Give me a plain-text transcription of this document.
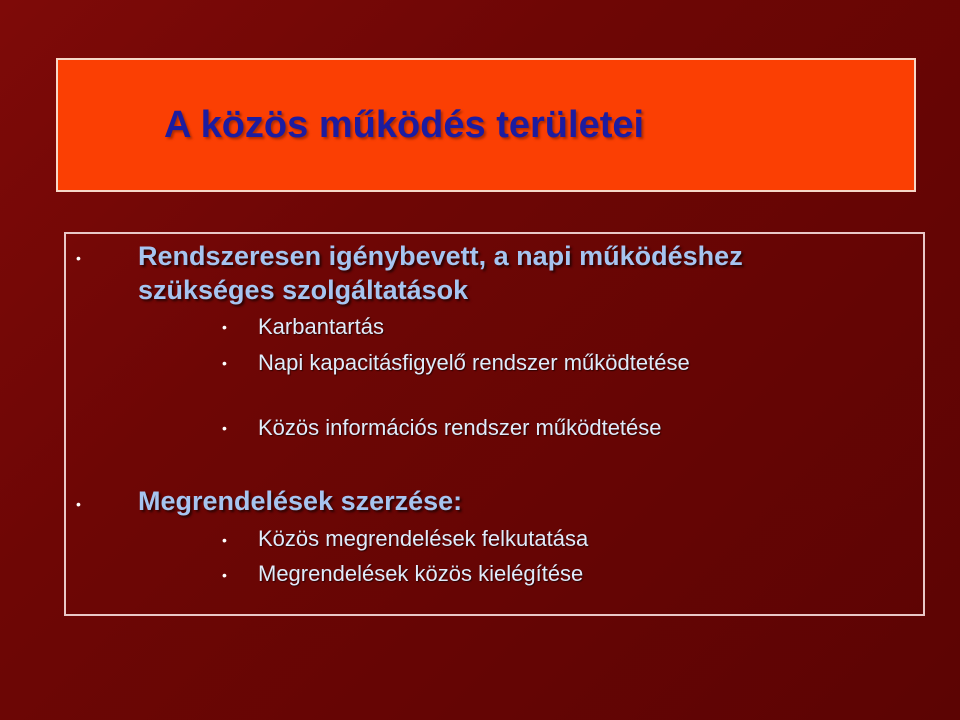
A közös működés területei
• Rendszeresen igénybevett, a napi működéshez

szükséges szolgáltatások

• Karbantartás

• Napi kapacitásfigyelő rendszer működtetése

• Közös információs rendszer működtetése

• Megrendelések szerzése:

• Közös megrendelések felkutatása

• Megrendelések közös kielégítése
